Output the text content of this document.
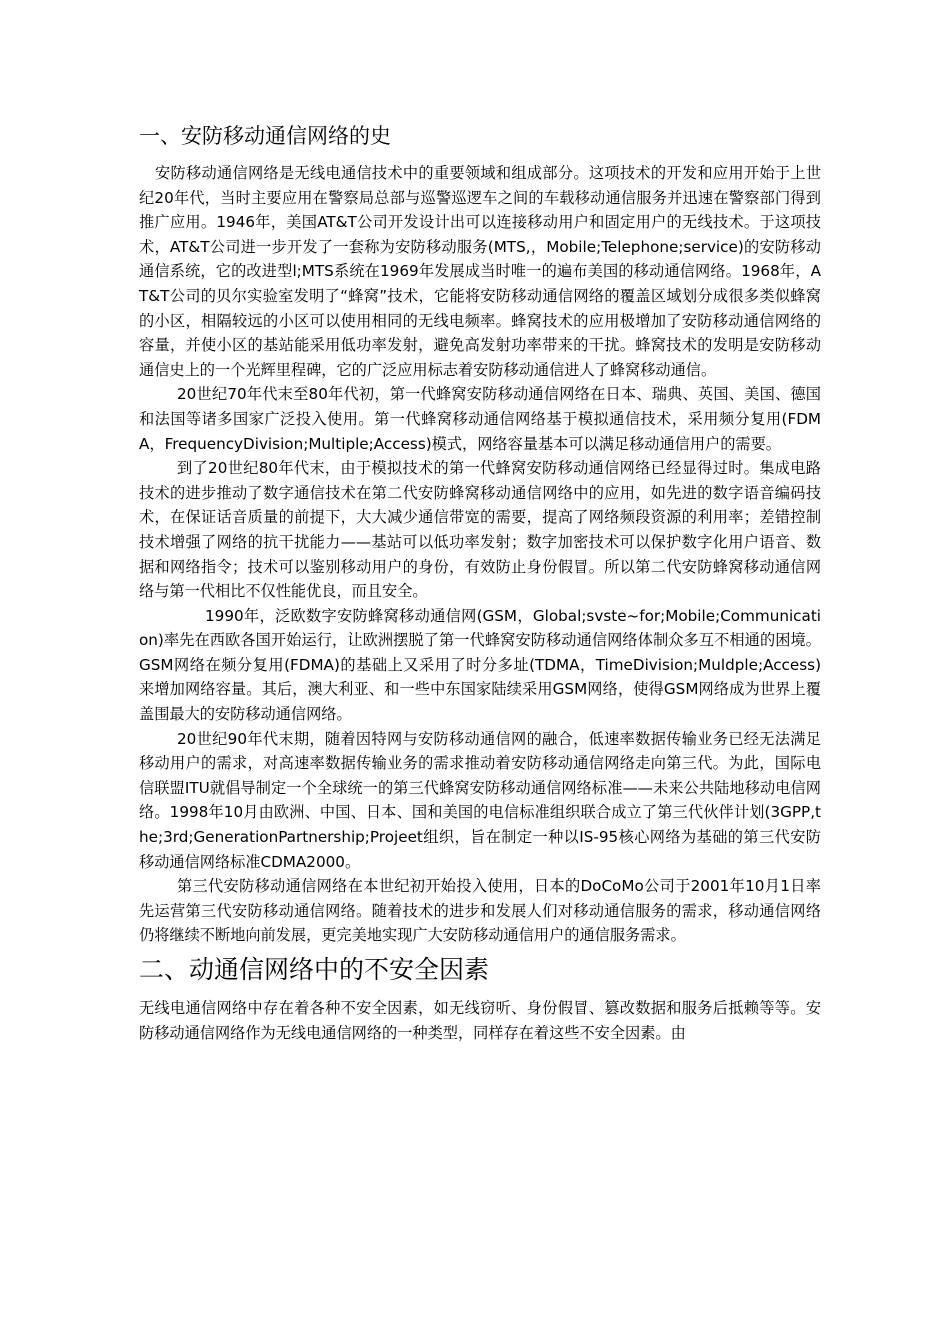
一、安防移动通信网络的史

安防移动通信网络是无线电通信技术中的重要领域和组成部分。这项技术的开发和应用开始于上世纪20年代，当时主要应用在警察局总部与巡警巡逻车之间的车载移动通信服务并迅速在警察部门得到推广应用。1946年，美国AT&T公司开发设计出可以连接移动用户和固定用户的无线技术。于这项技术，AT&T公司进一步开发了一套称为安防移动服务(MTS,，Mobile;Telephone;service)的安防移动通信系统，它的改进型l;MTS系统在1969年发展成当时唯一的遍布美国的移动通信网络。1968年，AT&T公司的贝尔实验室发明了“蜂窝”技术，它能将安防移动通信网络的覆盖区域划分成很多类似蜂窝的小区，相隔较远的小区可以使用相同的无线电频率。蜂窝技术的应用极增加了安防移动通信网络的容量，并使小区的基站能采用低功率发射，避免高发射功率带来的干扰。蜂窝技术的发明是安防移动通信史上的一个光辉里程碑，它的广泛应用标志着安防移动通信进人了蜂窝移动通信。

20世纪70年代末至80年代初，第一代蜂窝安防移动通信网络在日本、瑞典、英国、美国、德国和法国等诸多国家广泛投入使用。第一代蜂窝移动通信网络基于模拟通信技术，采用频分复用(FDMA，FrequencyDivision;Multiple;Access)模式，网络容量基本可以满足移动通信用户的需要。

到了20世纪80年代末，由于模拟技术的第一代蜂窝安防移动通信网络已经显得过时。集成电路技术的进步推动了数字通信技术在第二代安防蜂窝移动通信网络中的应用，如先进的数字语音编码技术，在保证话音质量的前提下，大大减少通信带宽的需要，提高了网络频段资源的利用率；差错控制技术增强了网络的抗干扰能力——基站可以低功率发射；数字加密技术可以保护数字化用户语音、数据和网络指令；技术可以鉴别移动用户的身份，有效防止身份假冒。所以第二代安防蜂窝移动通信网络与第一代相比不仅性能优良，而且安全。

1990年，泛欧数字安防蜂窝移动通信网(GSM，Global;svste~for;Mobile;Communication)率先在西欧各国开始运行，让欧洲摆脱了第一代蜂窝安防移动通信网络体制众多互不相通的困境。GSM网络在频分复用(FDMA)的基础上又采用了时分多址(TDMA，TimeDivision;Muldple;Access)来增加网络容量。其后，澳大利亚、和一些中东国家陆续采用GSM网络，使得GSM网络成为世界上覆盖围最大的安防移动通信网络。

20世纪90年代末期，随着因特网与安防移动通信网的融合，低速率数据传输业务已经无法满足移动用户的需求，对高速率数据传输业务的需求推动着安防移动通信网络走向第三代。为此，国际电信联盟ITU就倡导制定一个全球统一的第三代蜂窝安防移动通信网络标准——未来公共陆地移动电信网络。1998年10月由欧洲、中国、日本、国和美国的电信标准组织联合成立了第三代伙伴计划(3GPP,the;3rd;GenerationPartnership;Projeet组织，旨在制定一种以IS-95核心网络为基础的第三代安防移动通信网络标准CDMA2000。

第三代安防移动通信网络在本世纪初开始投入使用，日本的DoCoMo公司于2001年10月1日率先运营第三代安防移动通信网络。随着技术的进步和发展人们对移动通信服务的需求，移动通信网络仍将继续不断地向前发展，更完美地实现广大安防移动通信用户的通信服务需求。

二、动通信网络中的不安全因素

无线电通信网络中存在着各种不安全因素，如无线窃听、身份假冒、篡改数据和服务后抵赖等等。安防移动通信网络作为无线电通信网络的一种类型，同样存在着这些不安全因素。由
